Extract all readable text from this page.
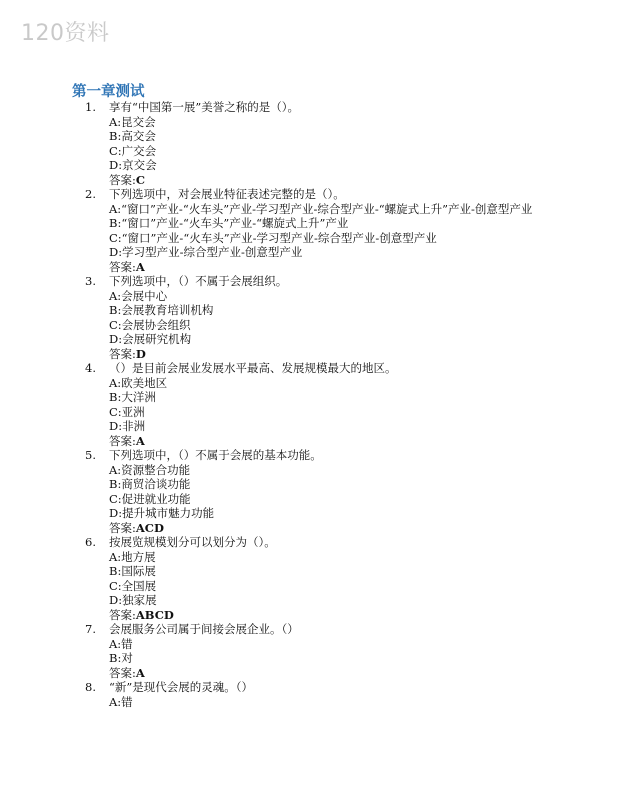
120资料
第一章测试
1. 享有“中国第一展”美誉之称的是（）。
A:昆交会
B:高交会
C:广交会
D:京交会
答案:C
2. 下列选项中，对会展业特征表述完整的是（）。
A:“窗口”产业-“火车头”产业-学习型产业-综合型产业-“螺旋式上升”产业-创意型产业
B:“窗口”产业-“火车头”产业-“螺旋式上升”产业
C:“窗口”产业-“火车头”产业-学习型产业-综合型产业-创意型产业
D:学习型产业-综合型产业-创意型产业
答案:A
3. 下列选项中，（）不属于会展组织。
A:会展中心
B:会展教育培训机构
C:会展协会组织
D:会展研究机构
答案:D
4. （）是目前会展业发展水平最高、发展规模最大的地区。
A:欧美地区
B:大洋洲
C:亚洲
D:非洲
答案:A
5. 下列选项中，（）不属于会展的基本功能。
A:资源整合功能
B:商贸洽谈功能
C:促进就业功能
D:提升城市魅力功能
答案:ACD
6. 按展览规模划分可以划分为（）。
A:地方展
B:国际展
C:全国展
D:独家展
答案:ABCD
7. 会展服务公司属于间接会展企业。（）
A:错
B:对
答案:A
8. “新”是现代会展的灵魂。（）
A:错
